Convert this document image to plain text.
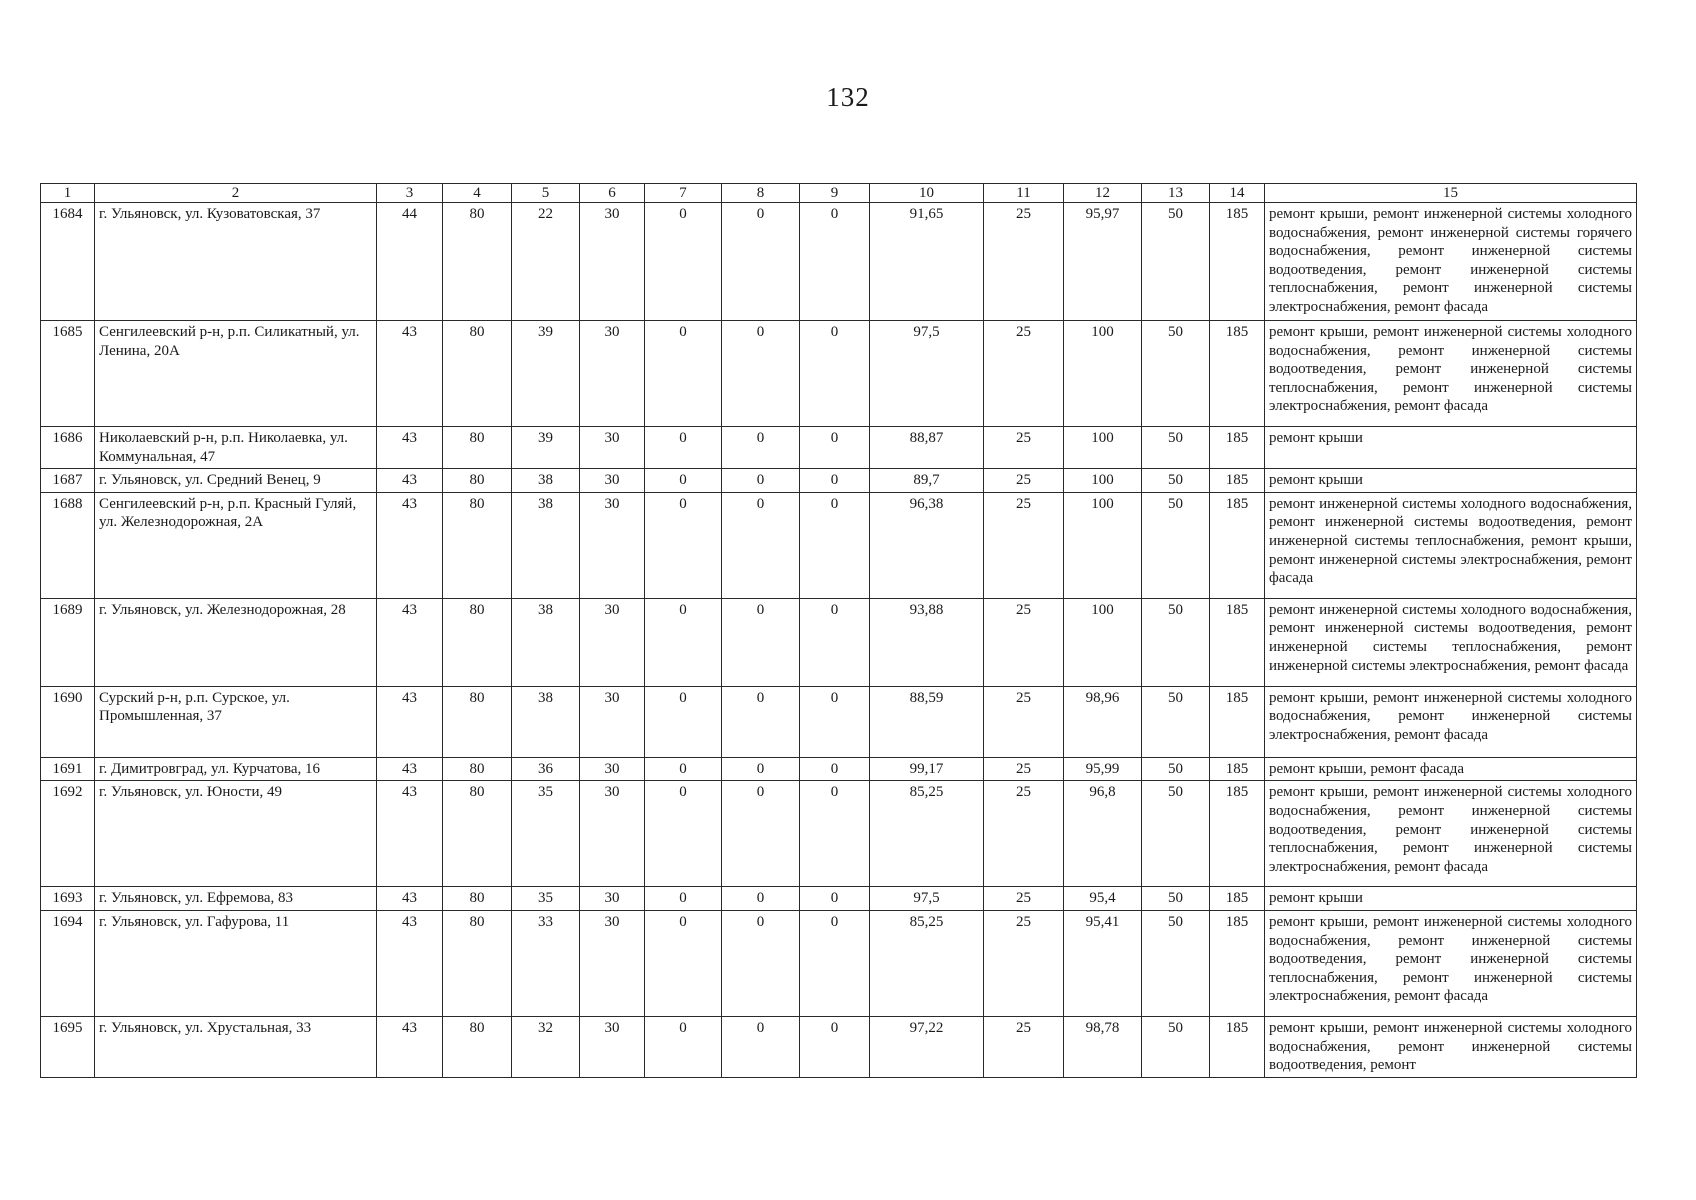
132
1	2	3	4	5	6	7	8	9	10	11	12	13	14	15
1684	г. Ульяновск, ул. Кузоватовская, 37	44	80	22	30	0	0	0	91,65	25	95,97	50	185	ремонт крыши, ремонт инженерной системы холодного водоснабжения, ремонт инженерной системы горячего водоснабжения, ремонт инженерной системы водоотведения, ремонт инженерной системы теплоснабжения, ремонт инженерной системы электроснабжения, ремонт фасада
1685	Сенгилеевский р-н, р.п. Силикатный, ул. Ленина, 20А	43	80	39	30	0	0	0	97,5	25	100	50	185	ремонт крыши, ремонт инженерной системы холодного водоснабжения, ремонт инженерной системы водоотведения, ремонт инженерной системы теплоснабжения, ремонт инженерной системы электроснабжения, ремонт фасада
1686	Николаевский р-н, р.п. Николаевка, ул. Коммунальная, 47	43	80	39	30	0	0	0	88,87	25	100	50	185	ремонт крыши
1687	г. Ульяновск, ул. Средний Венец, 9	43	80	38	30	0	0	0	89,7	25	100	50	185	ремонт крыши
1688	Сенгилеевский р-н, р.п. Красный Гуляй, ул. Железнодорожная, 2А	43	80	38	30	0	0	0	96,38	25	100	50	185	ремонт инженерной системы холодного водоснабжения, ремонт инженерной системы водоотведения, ремонт инженерной системы теплоснабжения, ремонт крыши, ремонт инженерной системы электроснабжения, ремонт фасада
1689	г. Ульяновск, ул. Железнодорожная, 28	43	80	38	30	0	0	0	93,88	25	100	50	185	ремонт инженерной системы холодного водоснабжения, ремонт инженерной системы водоотведения, ремонт инженерной системы теплоснабжения, ремонт инженерной системы электроснабжения, ремонт фасада
1690	Сурский р-н, р.п. Сурское, ул. Промышленная, 37	43	80	38	30	0	0	0	88,59	25	98,96	50	185	ремонт крыши, ремонт инженерной системы холодного водоснабжения, ремонт инженерной системы электроснабжения, ремонт фасада
1691	г. Димитровград, ул. Курчатова, 16	43	80	36	30	0	0	0	99,17	25	95,99	50	185	ремонт крыши, ремонт фасада
1692	г. Ульяновск, ул. Юности, 49	43	80	35	30	0	0	0	85,25	25	96,8	50	185	ремонт крыши, ремонт инженерной системы холодного водоснабжения, ремонт инженерной системы водоотведения, ремонт инженерной системы теплоснабжения, ремонт инженерной системы электроснабжения, ремонт фасада
1693	г. Ульяновск, ул. Ефремова, 83	43	80	35	30	0	0	0	97,5	25	95,4	50	185	ремонт крыши
1694	г. Ульяновск, ул. Гафурова, 11	43	80	33	30	0	0	0	85,25	25	95,41	50	185	ремонт крыши, ремонт инженерной системы холодного водоснабжения, ремонт инженерной системы водоотведения, ремонт инженерной системы теплоснабжения, ремонт инженерной системы электроснабжения, ремонт фасада
1695	г. Ульяновск, ул. Хрустальная, 33	43	80	32	30	0	0	0	97,22	25	98,78	50	185	ремонт крыши, ремонт инженерной системы холодного водоснабжения, ремонт инженерной системы водоотведения, ремонт
